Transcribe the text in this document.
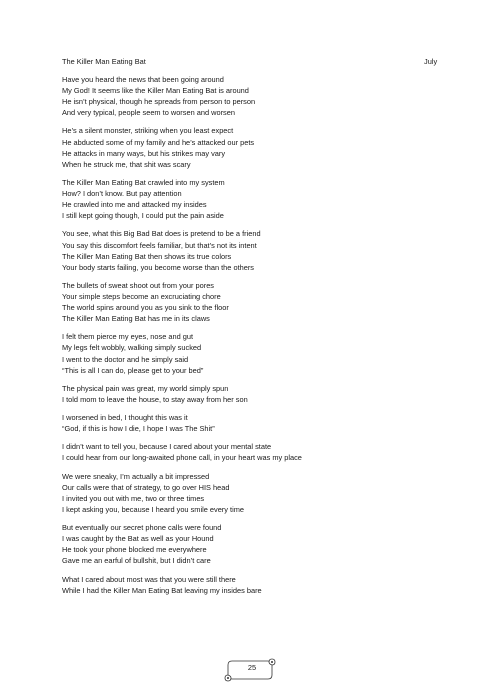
The Killer Man Eating Bat	July
Have you heard the news that been going around
My God! It seems like the Killer Man Eating Bat is around
He isn’t physical, though he spreads from person to person
And very typical, people seem to worsen and worsen
He’s a silent monster, striking when you least expect
He abducted some of my family and he’s attacked our pets
He attacks in many ways, but his strikes may vary
When he struck me, that shit was scary
The Killer Man Eating Bat crawled into my system
How? I don’t know. But pay attention
He crawled into me and attacked my insides
I still kept going though, I could put the pain aside
You see, what this Big Bad Bat does is pretend to be a friend
You say this discomfort feels familiar, but that’s not its intent
The Killer Man Eating Bat then shows its true colors
Your body starts failing, you become worse than the others
The bullets of sweat shoot out from your pores
Your simple steps become an excruciating chore
The world spins around you as you sink to the floor
The Killer Man Eating Bat has me in its claws
I felt them pierce my eyes, nose and gut
My legs felt wobbly, walking simply sucked
I went to the doctor and he simply said
“This is all I can do, please get to your bed”
The physical pain was great, my world simply spun
I told mom to leave the house, to stay away from her son
I worsened in bed, I thought this was it
“God, if this is how I die, I hope I was The Shit”
I didn’t want to tell you, because I cared about your mental state
I could hear from our long-awaited phone call, in your heart was my place
We were sneaky, I’m actually a bit impressed
Our calls were that of strategy, to go over HIS head
I invited you out with me, two or three times
I kept asking you, because I heard you smile every time
But eventually our secret phone calls were found
I was caught by the Bat as well as your Hound
He took your phone blocked me everywhere
Gave me an earful of bullshit, but I didn’t care
What I cared about most was that you were still there
While I had the Killer Man Eating Bat leaving my insides bare
25
